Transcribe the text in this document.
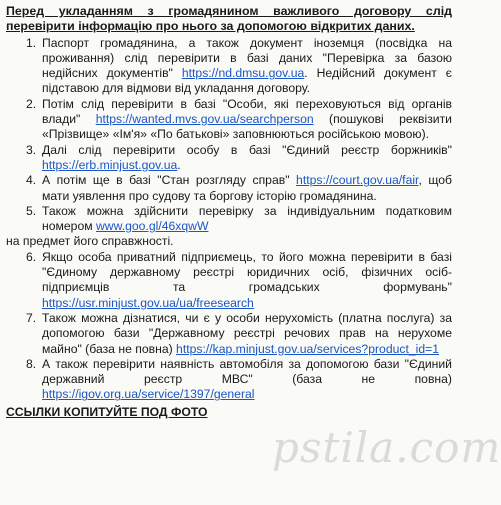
Перед укладанням з громадянином важливого договору слід перевірити інформацію про нього за допомогою відкритих даних.

1. Паспорт громадянина, а також документ іноземця (посвідка на проживання) слід перевірити в базі даних "Перевірка за базою недійсних документів" https://nd.dmsu.gov.ua. Недійсний документ є підставою для відмови від укладання договору.
2. Потім слід перевірити в базі "Особи, які переховуються від органів влади" https://wanted.mvs.gov.ua/searchperson (пошукові реквізити «Прізвище» «Ім'я» «По батькові» заповнюються російською мовою).
3. Далі слід перевірити особу в базі "Єдиний реєстр боржників" https://erb.minjust.gov.ua.
4. А потім ще в базі "Стан розгляду справ" https://court.gov.ua/fair, щоб мати уявлення про судову та боргову історію громадянина.
5. Також можна здійснити перевірку за індивідуальним податковим номером www.goo.gl/46xqwW

на предмет його справжності.

6. Якщо особа приватний підприємець, то його можна перевірити в базі "Єдиному державному реєстрі юридичних осіб, фізичних осіб-підприємців та громадських формувань" https://usr.minjust.gov.ua/ua/freesearch
7. Також можна дізнатися, чи є у особи нерухомість (платна послуга) за допомогою бази "Державному реєстрі речових прав на нерухоме майно" (база не повна) https://kap.minjust.gov.ua/services?product_id=1
8. А також перевірити наявність автомобіля за допомогою бази "Єдиний державний реєстр МВС" (база не повна) https://igov.org.ua/service/1397/general

ССЫЛКИ КОПИТУЙТЕ ПОД ФОТО

pstila.com
